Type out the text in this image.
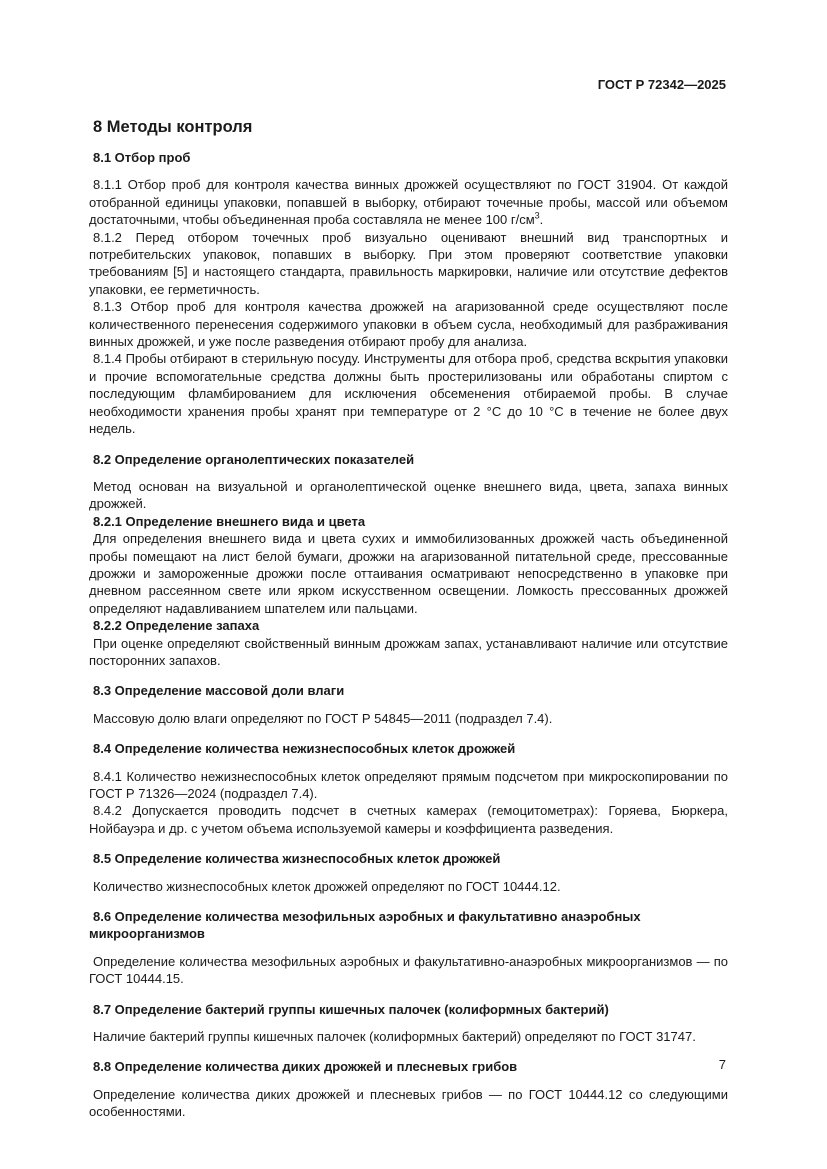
ГОСТ Р 72342—2025
8 Методы контроля
8.1 Отбор проб

8.1.1 Отбор проб для контроля качества винных дрожжей осуществляют по ГОСТ 31904. От каждой отобранной единицы упаковки, попавшей в выборку, отбирают точечные пробы, массой или объемом достаточными, чтобы объединенная проба составляла не менее 100 $г/см^3$.

8.1.2 Перед отбором точечных проб визуально оценивают внешний вид транспортных и потребительских упаковок, попавших в выборку. При этом проверяют соответствие упаковки требованиям [5] и настоящего стандарта, правильность маркировки, наличие или отсутствие дефектов упаковки, ее герметичность.

8.1.3 Отбор проб для контроля качества дрожжей на агаризованной среде осуществляют после количественного перенесения содержимого упаковки в объем сусла, необходимый для разбраживания винных дрожжей, и уже после разведения отбирают пробу для анализа.

8.1.4 Пробы отбирают в стерильную посуду. Инструменты для отбора проб, средства вскрытия упаковки и прочие вспомогательные средства должны быть простерилизованы или обработаны спиртом с последующим фламбированием для исключения обсеменения отбираемой пробы. В случае необходимости хранения пробы хранят при температуре от 2 °С до 10 °С в течение не более двух недель.

8.2 Определение органолептических показателей

Метод основан на визуальной и органолептической оценке внешнего вида, цвета, запаха винных дрожжей.

8.2.1 Определение внешнего вида и цвета

Для определения внешнего вида и цвета сухих и иммобилизованных дрожжей часть объединенной пробы помещают на лист белой бумаги, дрожжи на агаризованной питательной среде, прессованные дрожжи и замороженные дрожжи после оттаивания осматривают непосредственно в упаковке при дневном рассеянном свете или ярком искусственном освещении. Ломкость прессованных дрожжей определяют надавливанием шпателем или пальцами.

8.2.2 Определение запаха

При оценке определяют свойственный винным дрожжам запах, устанавливают наличие или отсутствие посторонних запахов.

8.3 Определение массовой доли влаги

Массовую долю влаги определяют по ГОСТ Р 54845—2011 (подраздел 7.4).

8.4 Определение количества нежизнеспособных клеток дрожжей

8.4.1 Количество нежизнеспособных клеток определяют прямым подсчетом при микроскопировании по ГОСТ Р 71326—2024 (подраздел 7.4).

8.4.2 Допускается проводить подсчет в счетных камерах (гемоцитометрах): Горяева, Бюркера, Нойбауэра и др. с учетом объема используемой камеры и коэффициента разведения.

8.5 Определение количества жизнеспособных клеток дрожжей

Количество жизнеспособных клеток дрожжей определяют по ГОСТ 10444.12.

8.6 Определение количества мезофильных аэробных и факультативно анаэробных микроорганизмов

Определение количества мезофильных аэробных и факультативно-анаэробных микроорганизмов — по ГОСТ 10444.15.

8.7 Определение бактерий группы кишечных палочек (колиформных бактерий)

Наличие бактерий группы кишечных палочек (колиформных бактерий) определяют по ГОСТ 31747.

8.8 Определение количества диких дрожжей и плесневых грибов

Определение количества диких дрожжей и плесневых грибов — по ГОСТ 10444.12 со следующими особенностями.

7
